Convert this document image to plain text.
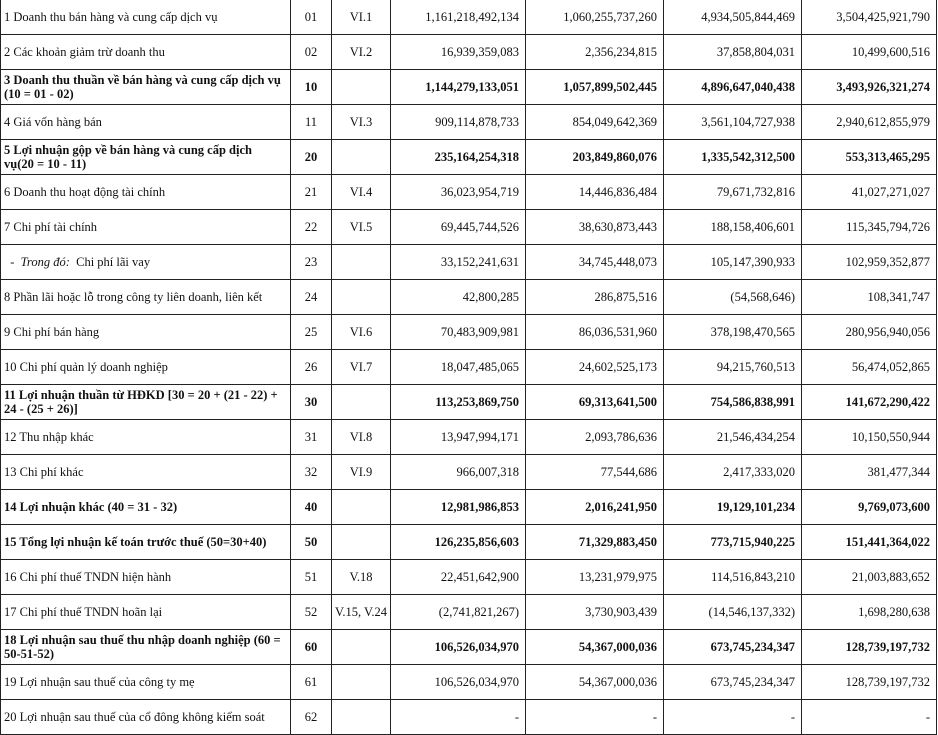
1 Doanh thu bán hàng và cung cấp dịch vụ	01	VI.1	1,161,218,492,134	1,060,255,737,260	4,934,505,844,469	3,504,425,921,790
2 Các khoản giảm trừ doanh thu	02	VI.2	16,939,359,083	2,356,234,815	37,858,804,031	10,499,600,516
3 Doanh thu thuần về bán hàng và cung cấp dịch vụ (10 = 01 - 02)	10		1,144,279,133,051	1,057,899,502,445	4,896,647,040,438	3,493,926,321,274
4 Giá vốn hàng bán	11	VI.3	909,114,878,733	854,049,642,369	3,561,104,727,938	2,940,612,855,979
5 Lợi nhuận gộp về bán hàng và cung cấp dịch vụ(20 = 10 - 11)	20		235,164,254,318	203,849,860,076	1,335,542,312,500	553,313,465,295
6 Doanh thu hoạt động tài chính	21	VI.4	36,023,954,719	14,446,836,484	79,671,732,816	41,027,271,027
7 Chi phí tài chính	22	VI.5	69,445,744,526	38,630,873,443	188,158,406,601	115,345,794,726
-  Trong đó:  Chi phí lãi vay	23		33,152,241,631	34,745,448,073	105,147,390,933	102,959,352,877
8 Phần lãi hoặc lỗ trong công ty liên doanh, liên kết	24		42,800,285	286,875,516	(54,568,646)	108,341,747
9 Chi phí bán hàng	25	VI.6	70,483,909,981	86,036,531,960	378,198,470,565	280,956,940,056
10 Chi phí quản lý doanh nghiệp	26	VI.7	18,047,485,065	24,602,525,173	94,215,760,513	56,474,052,865
11 Lợi nhuận thuần từ HĐKD [30 = 20 + (21 - 22) + 24 - (25 + 26)]	30		113,253,869,750	69,313,641,500	754,586,838,991	141,672,290,422
12 Thu nhập khác	31	VI.8	13,947,994,171	2,093,786,636	21,546,434,254	10,150,550,944
13 Chi phí khác	32	VI.9	966,007,318	77,544,686	2,417,333,020	381,477,344
14 Lợi nhuận khác (40 = 31 - 32)	40		12,981,986,853	2,016,241,950	19,129,101,234	9,769,073,600
15 Tổng lợi nhuận kế toán trước thuế (50=30+40)	50		126,235,856,603	71,329,883,450	773,715,940,225	151,441,364,022
16 Chi phí thuế TNDN hiện hành	51	V.18	22,451,642,900	13,231,979,975	114,516,843,210	21,003,883,652
17 Chi phí thuế TNDN hoãn lại	52	V.15, V.24	(2,741,821,267)	3,730,903,439	(14,546,137,332)	1,698,280,638
18 Lợi nhuận sau thuế thu nhập doanh nghiệp (60 = 50-51-52)	60		106,526,034,970	54,367,000,036	673,745,234,347	128,739,197,732
19 Lợi nhuận sau thuế của công ty mẹ	61		106,526,034,970	54,367,000,036	673,745,234,347	128,739,197,732
20 Lợi nhuận sau thuế của cổ đông không kiểm soát	62		-	-	-	-
